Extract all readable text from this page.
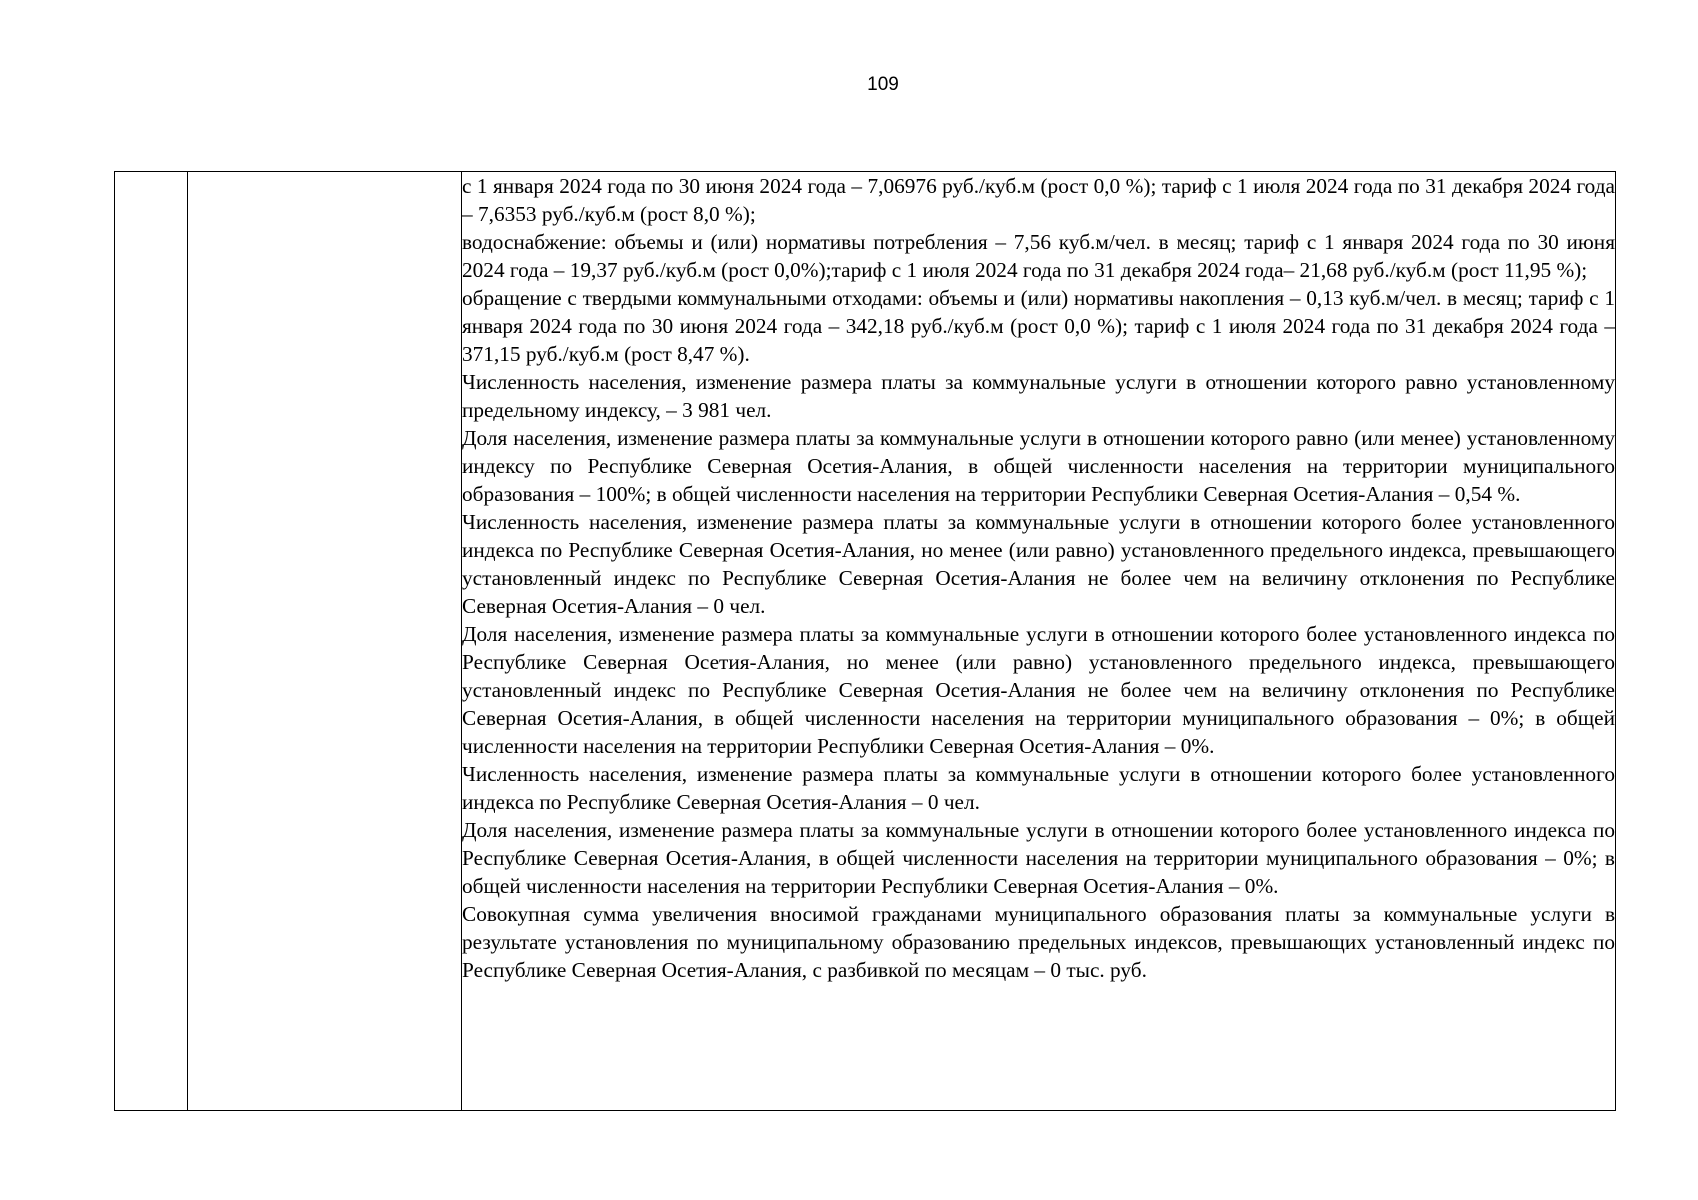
109

с 1 января 2024 года по 30 июня 2024 года – 7,06976 руб./куб.м (рост 0,0 %); тариф с 1 июля 2024 года по 31 декабря 2024 года – 7,6353 руб./куб.м (рост 8,0 %);

водоснабжение: объемы и (или) нормативы потребления – 7,56 куб.м/чел. в месяц; тариф с 1 января 2024 года по 30 июня 2024 года – 19,37 руб./куб.м (рост 0,0%);тариф с 1 июля 2024 года по 31 декабря 2024 года– 21,68 руб./куб.м (рост 11,95 %);

обращение с твердыми коммунальными отходами: объемы и (или) нормативы накопления – 0,13 куб.м/чел. в месяц; тариф с 1 января 2024 года по 30 июня 2024 года – 342,18 руб./куб.м (рост 0,0 %); тариф с 1 июля 2024 года по 31 декабря 2024 года –371,15 руб./куб.м (рост 8,47 %).

Численность населения, изменение размера платы за коммунальные услуги в отношении которого равно установленному предельному индексу, – 3 981 чел.

Доля населения, изменение размера платы за коммунальные услуги в отношении которого равно (или менее) установленному индексу по Республике Северная Осетия-Алания, в общей численности населения на территории муниципального образования – 100%; в общей численности населения на территории Республики Северная Осетия-Алания – 0,54 %.

Численность населения, изменение размера платы за коммунальные услуги в отношении которого более установленного индекса по Республике Северная Осетия-Алания, но менее (или равно) установленного предельного индекса, превышающего установленный индекс по Республике Северная Осетия-Алания не более чем на величину отклонения по Республике Северная Осетия-Алания – 0 чел.

Доля населения, изменение размера платы за коммунальные услуги в отношении которого более установленного индекса по Республике Северная Осетия-Алания, но менее (или равно) установленного предельного индекса, превышающего установленный индекс по Республике Северная Осетия-Алания не более чем на величину отклонения по Республике Северная Осетия-Алания, в общей численности населения на территории муниципального образования – 0%; в общей численности населения на территории Республики Северная Осетия-Алания – 0%.

Численность населения, изменение размера платы за коммунальные услуги в отношении которого более установленного индекса по Республике Северная Осетия-Алания – 0 чел.

Доля населения, изменение размера платы за коммунальные услуги в отношении которого более установленного индекса по Республике Северная Осетия-Алания, в общей численности населения на территории муниципального образования – 0%; в общей численности населения на территории Республики Северная Осетия-Алания – 0%.

Совокупная сумма увеличения вносимой гражданами муниципального образования платы за коммунальные услуги в результате установления по муниципальному образованию предельных индексов, превышающих установленный индекс по Республике Северная Осетия-Алания, с разбивкой по месяцам – 0 тыс. руб.
